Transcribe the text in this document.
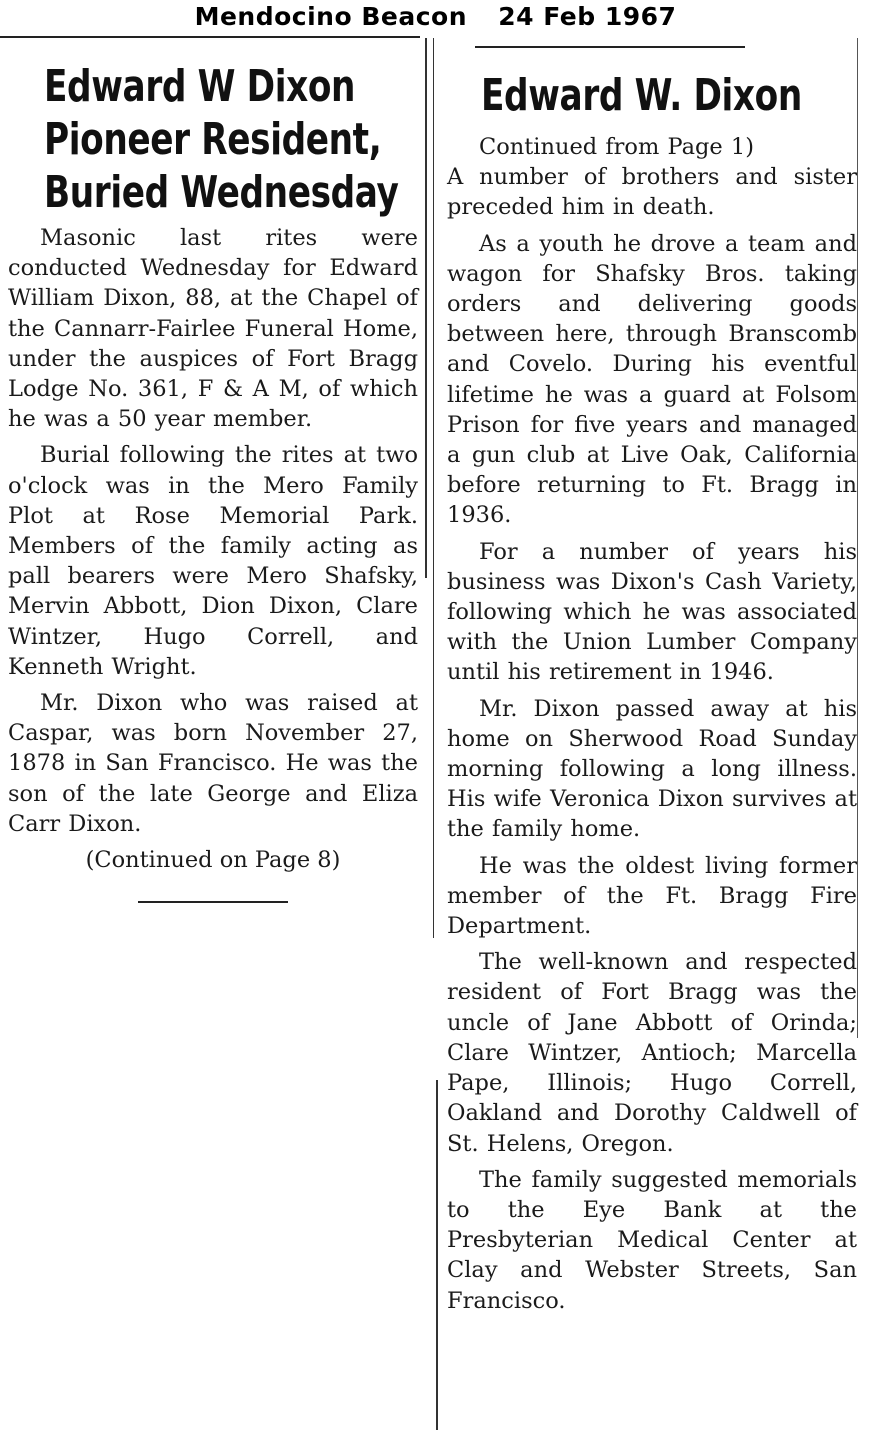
Mendocino Beacon 24 Feb 1967
Edward W Dixon
Pioneer Resident,
Buried Wednesday

Masonic last rites were conducted Wednesday for Edward William Dixon, 88, at the Chapel of the Cannarr-Fairlee Funeral Home, under the auspices of Fort Bragg Lodge No. 361, F & A M, of which he was a 50 year member.

Burial following the rites at two o'clock was in the Mero Family Plot at Rose Memorial Park. Members of the family acting as pall bearers were Mero Shafsky, Mervin Abbott, Dion Dixon, Clare Wintzer, Hugo Correll, and Kenneth Wright.

Mr. Dixon who was raised at Caspar, was born November 27, 1878 in San Francisco. He was the son of the late George and Eliza Carr Dixon.

(Continued on Page 8)

Edward W. Dixon

Continued from Page 1)

A number of brothers and sister preceded him in death.

As a youth he drove a team and wagon for Shafsky Bros. taking orders and delivering goods between here, through Branscomb and Covelo. During his eventful lifetime he was a guard at Folsom Prison for five years and managed a gun club at Live Oak, California before returning to Ft. Bragg in 1936.

For a number of years his business was Dixon's Cash Variety, following which he was associated with the Union Lumber Company until his retirement in 1946.

Mr. Dixon passed away at his home on Sherwood Road Sunday morning following a long illness. His wife Veronica Dixon survives at the family home.

He was the oldest living former member of the Ft. Bragg Fire Department.

The well-known and respected resident of Fort Bragg was the uncle of Jane Abbott of Orinda; Clare Wintzer, Antioch; Marcella Pape, Illinois; Hugo Correll, Oakland and Dorothy Caldwell of St. Helens, Oregon.

The family suggested memorials to the Eye Bank at the Presbyterian Medical Center at Clay and Webster Streets, San Francisco.
